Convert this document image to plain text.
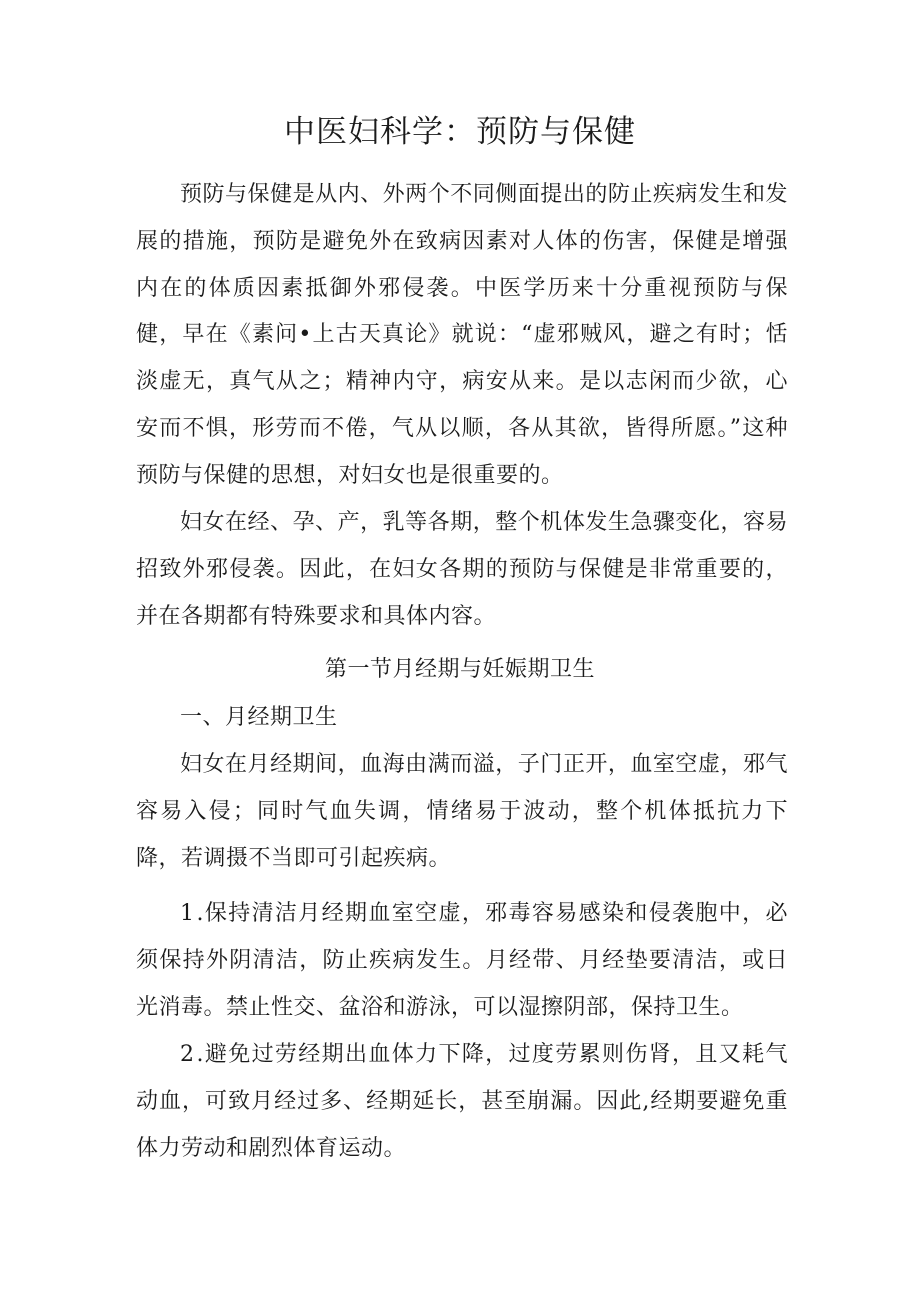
中医妇科学：预防与保健

预防与保健是从内、外两个不同侧面提出的防止疾病发生和发展的措施，预防是避免外在致病因素对人体的伤害，保健是增强内在的体质因素抵御外邪侵袭。中医学历来十分重视预防与保健，早在《素问•上古天真论》就说：“虚邪贼风，避之有时；恬淡虚无，真气从之；精神内守，病安从来。是以志闲而少欲，心安而不惧，形劳而不倦，气从以顺，各从其欲，皆得所愿。”这种预防与保健的思想，对妇女也是很重要的。

妇女在经、孕、产，乳等各期，整个机体发生急骤变化，容易招致外邪侵袭。因此，在妇女各期的预防与保健是非常重要的，并在各期都有特殊要求和具体内容。

第一节月经期与妊娠期卫生
一、月经期卫生

妇女在月经期间，血海由满而溢，子门正开，血室空虚，邪气容易入侵；同时气血失调，情绪易于波动，整个机体抵抗力下降，若调摄不当即可引起疾病。

1.保持清洁月经期血室空虚，邪毒容易感染和侵袭胞中，必须保持外阴清洁，防止疾病发生。月经带、月经垫要清洁，或日光消毒。禁止性交、盆浴和游泳，可以湿擦阴部，保持卫生。

2.避免过劳经期出血体力下降，过度劳累则伤肾，且又耗气动血，可致月经过多、经期延长，甚至崩漏。因此,经期要避免重体力劳动和剧烈体育运动。
